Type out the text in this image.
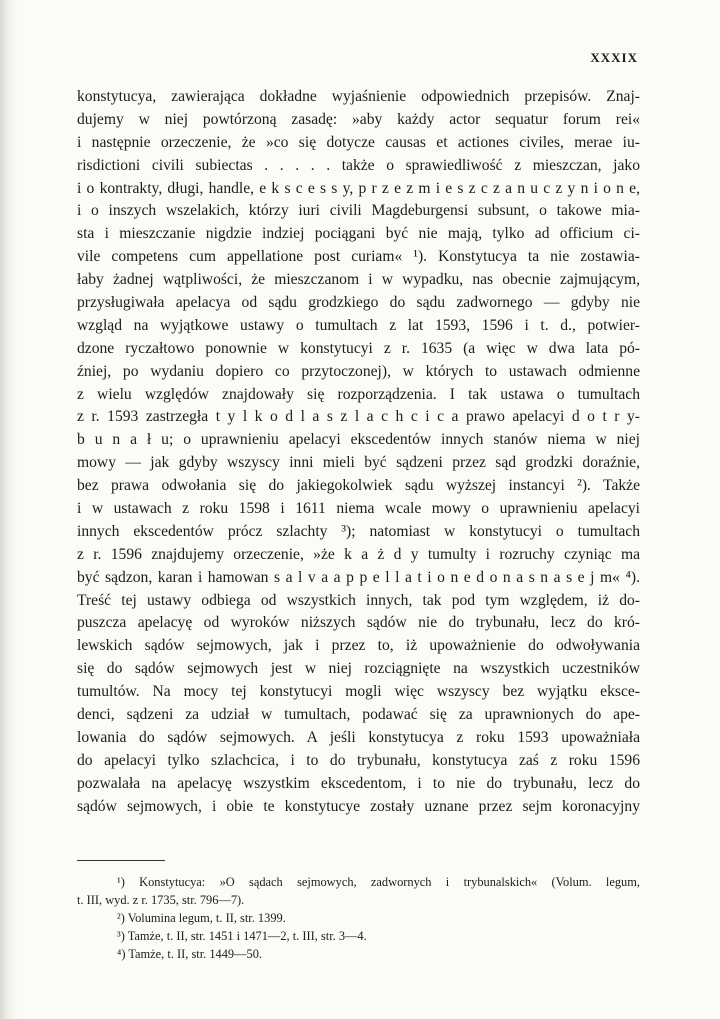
XXXIX
konstytucya, zawierająca dokładne wyjaśnienie odpowiednich przepisów. Znaj-
dujemy w niej powtórzoną zasadę: »aby każdy actor sequatur forum rei«
i następnie orzeczenie, że »co się dotycze causas et actiones civiles, merae iu-
risdictioni civili subiectas . . . . . także o sprawiedliwość z mieszczan, jako
i o kontrakty, długi, handle, e k s c e s s y, p r z e z m i e s z c z a n u c z y n i o n e,
i o inszych wszelakich, którzy iuri civili Magdeburgensi subsunt, o takowe mia-
sta i mieszczanie nigdzie indziej pociągani być nie mają, tylko ad officium ci-
vile competens cum appellatione post curiam« ¹). Konstytucya ta nie zostawia-
łaby żadnej wątpliwości, że mieszczanom i w wypadku, nas obecnie zajmującym,
przysługiwała apelacya od sądu grodzkiego do sądu zadwornego — gdyby nie
wzgląd na wyjątkowe ustawy o tumultach z lat 1593, 1596 i t. d., potwier-
dzone ryczałtowo ponownie w konstytucyi z r. 1635 (a więc w dwa lata pó-
źniej, po wydaniu dopiero co przytoczonej), w których to ustawach odmienne
z wielu względów znajdowały się rozporządzenia. I tak ustawa o tumultach
z r. 1593 zastrzegła t y l k o d l a s z l a c h c i c a prawo apelacyi d o t r y-
b u n a ł u; o uprawnieniu apelacyi ekscedentów innych stanów niema w niej
mowy — jak gdyby wszyscy inni mieli być sądzeni przez sąd grodzki doraźnie,
bez prawa odwołania się do jakiegokolwiek sądu wyższej instancyi ²). Także
i w ustawach z roku 1598 i 1611 niema wcale mowy o uprawnieniu apelacyi
innych ekscedentów prócz szlachty ³); natomiast w konstytucyi o tumultach
z r. 1596 znajdujemy orzeczenie, »że k a ż d y tumulty i rozruchy czyniąc ma
być sądzon, karan i hamowan s a l v a a p p e l l a t i o n e d o n a s n a s e j m« ⁴).
Treść tej ustawy odbiega od wszystkich innych, tak pod tym względem, iż do-
puszcza apelacyę od wyroków niższych sądów nie do trybunału, lecz do kró-
lewskich sądów sejmowych, jak i przez to, iż upoważnienie do odwoływania
się do sądów sejmowych jest w niej rozciągnięte na wszystkich uczestników
tumultów. Na mocy tej konstytucyi mogli więc wszyscy bez wyjątku eksce-
denci, sądzeni za udział w tumultach, podawać się za uprawnionych do ape-
lowania do sądów sejmowych. A jeśli konstytucya z roku 1593 upoważniała
do apelacyi tylko szlachcica, i to do trybunału, konstytucya zaś z roku 1596
pozwalała na apelacyę wszystkim ekscedentom, i to nie do trybunału, lecz do
sądów sejmowych, i obie te konstytucye zostały uznane przez sejm koronacyjny
¹) Konstytucya: »O sądach sejmowych, zadwornych i trybunalskich« (Volum. legum,
t. III, wyd. z r. 1735, str. 796—7).
²) Volumina legum, t. II, str. 1399.
³) Tamże, t. II, str. 1451 i 1471—2, t. III, str. 3—4.
⁴) Tamże, t. II, str. 1449—50.
